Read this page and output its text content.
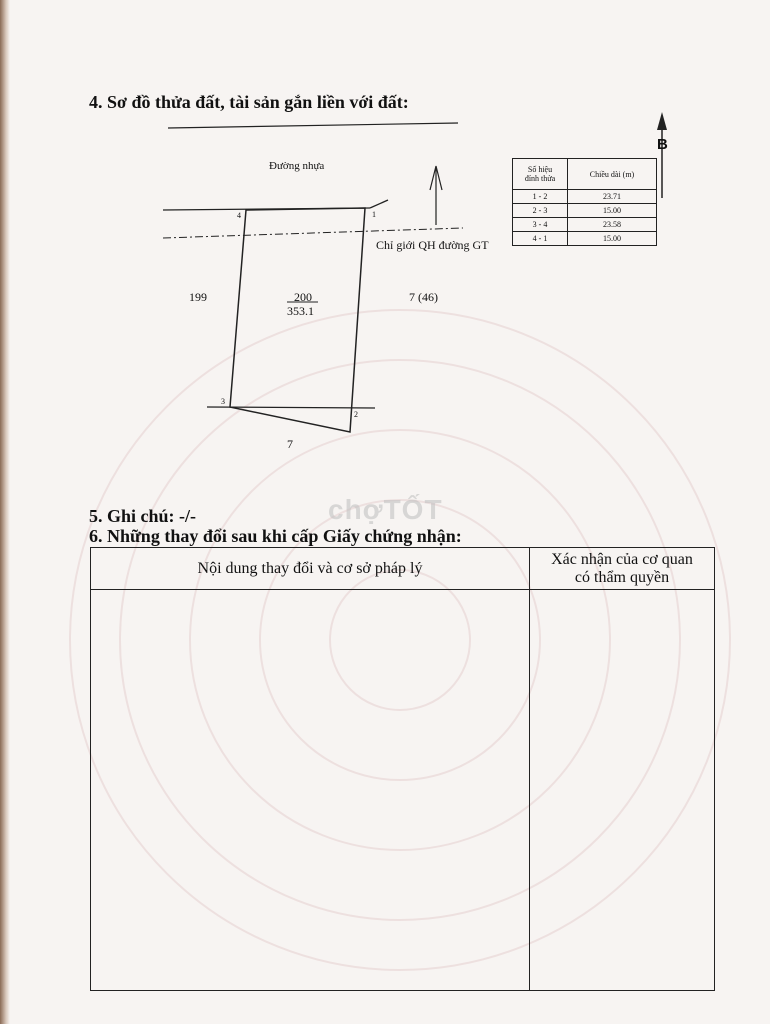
4. Sơ đồ thửa đất, tài sản gắn liền với đất:
Đường nhựa
Chỉ giới QH đường GT
B
1
2
3
4
199	200
353.1
7 (46)
7
Số hiệu
đỉnh thửa	Chiều dài (m)
1 - 2	23.71
2 - 3	15.00
3 - 4	23.58
4 - 1	15.00
chợTỐT
5. Ghi chú: -/-
6. Những thay đổi sau khi cấp Giấy chứng nhận:
Nội dung thay đổi và cơ sở pháp lý	Xác nhận của cơ quan
có thẩm quyền
